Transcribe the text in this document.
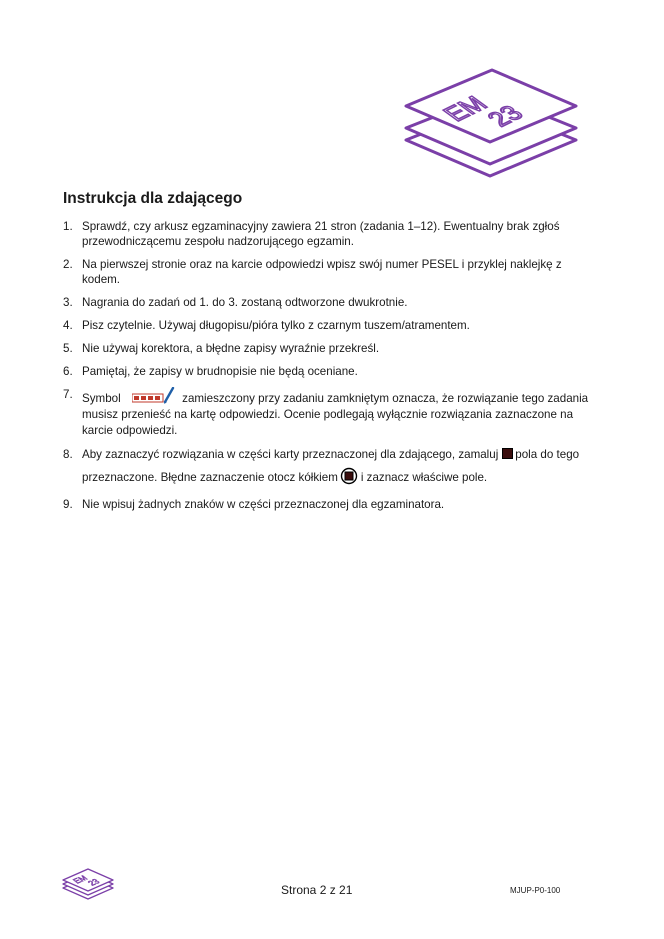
EM
23
Instrukcja dla zdającego
1. Sprawdź, czy arkusz egzaminacyjny zawiera 21 stron (zadania 1–12). Ewentualny brak zgłoś przewodniczącemu zespołu nadzorującego egzamin.
2. Na pierwszej stronie oraz na karcie odpowiedzi wpisz swój numer PESEL i przyklej naklejkę z kodem.
3. Nagrania do zadań od 1. do 3. zostaną odtworzone dwukrotnie.
4. Pisz czytelnie. Używaj długopisu/pióra tylko z czarnym tuszem/atramentem.
5. Nie używaj korektora, a błędne zapisy wyraźnie przekreśl.
6. Pamiętaj, że zapisy w brudnopisie nie będą oceniane.
7. Symbol	zamieszczony przy zadaniu zamkniętym oznacza, że rozwiązanie tego zadania musisz przenieść na kartę odpowiedzi. Ocenie podlegają wyłącznie rozwiązania zaznaczone na karcie odpowiedzi.
8. Aby zaznaczyć rozwiązania w części karty przeznaczonej dla zdającego, zamaluj pola do tego przeznaczone. Błędne zaznaczenie otocz kółkiem i zaznacz właściwe pole.
9. Nie wpisuj żadnych znaków w części przeznaczonej dla egzaminatora.
EM
23
Strona 2 z 21	MJUP-P0-100
